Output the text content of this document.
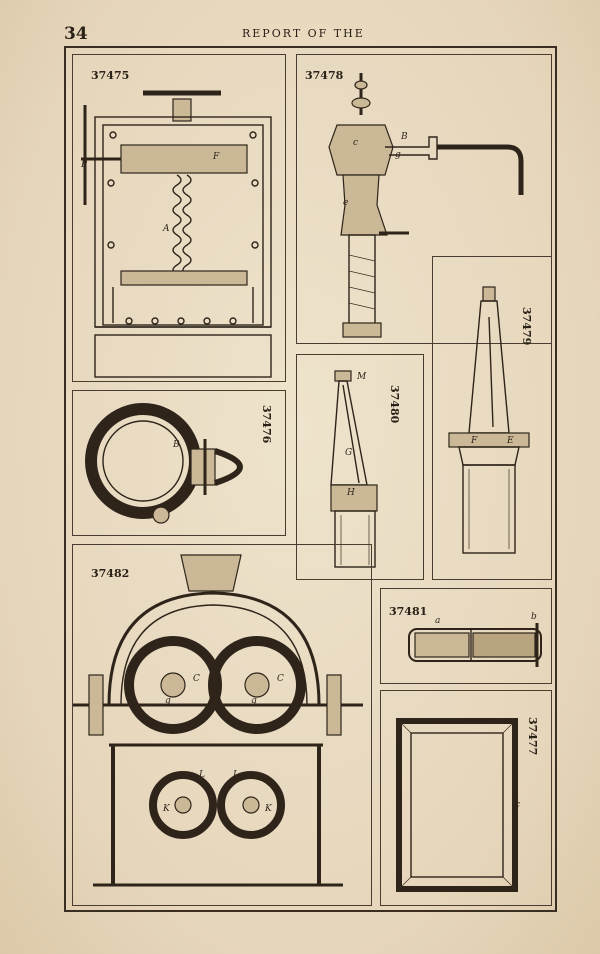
34	REPORT OF THE
37475
A
F
P
37478
B
c
g
e
37476
B
37480
M
G
H
37479
F	E
37482
C	C
g	g
L	L
K	K
37481
a	b
37477
c
